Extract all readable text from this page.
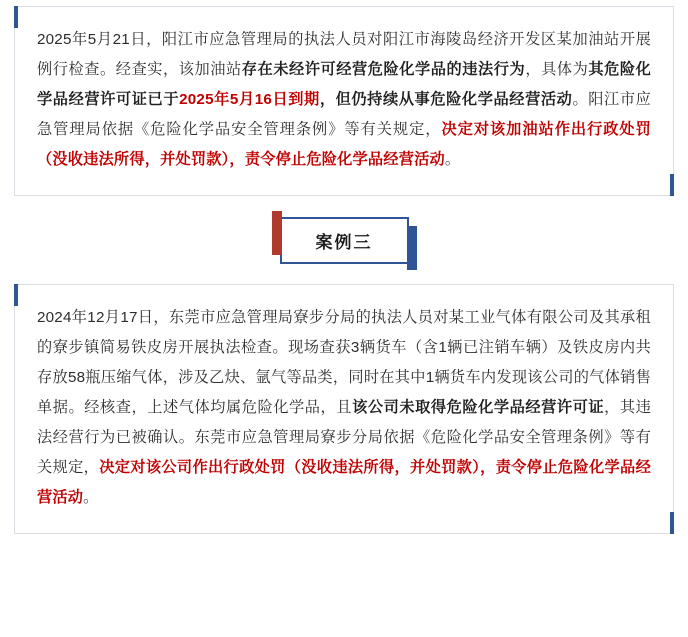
2025年5月21日，阳江市应急管理局的执法人员对阳江市海陵岛经济开发区某加油站开展例行检查。经查实，该加油站存在未经许可经营危险化学品的违法行为，具体为其危险化学品经营许可证已于2025年5月16日到期，但仍持续从事危险化学品经营活动。阳江市应急管理局依据《危险化学品安全管理条例》等有关规定，决定对该加油站作出行政处罚（没收违法所得，并处罚款），责令停止危险化学品经营活动。

案例三

2024年12月17日，东莞市应急管理局寮步分局的执法人员对某工业气体有限公司及其承租的寮步镇简易铁皮房开展执法检查。现场查获3辆货车（含1辆已注销车辆）及铁皮房内共存放58瓶压缩气体，涉及乙炔、氩气等品类，同时在其中1辆货车内发现该公司的气体销售单据。经核查，上述气体均属危险化学品，且该公司未取得危险化学品经营许可证，其违法经营行为已被确认。东莞市应急管理局寮步分局依据《危险化学品安全管理条例》等有关规定，决定对该公司作出行政处罚（没收违法所得，并处罚款），责令停止危险化学品经营活动。
